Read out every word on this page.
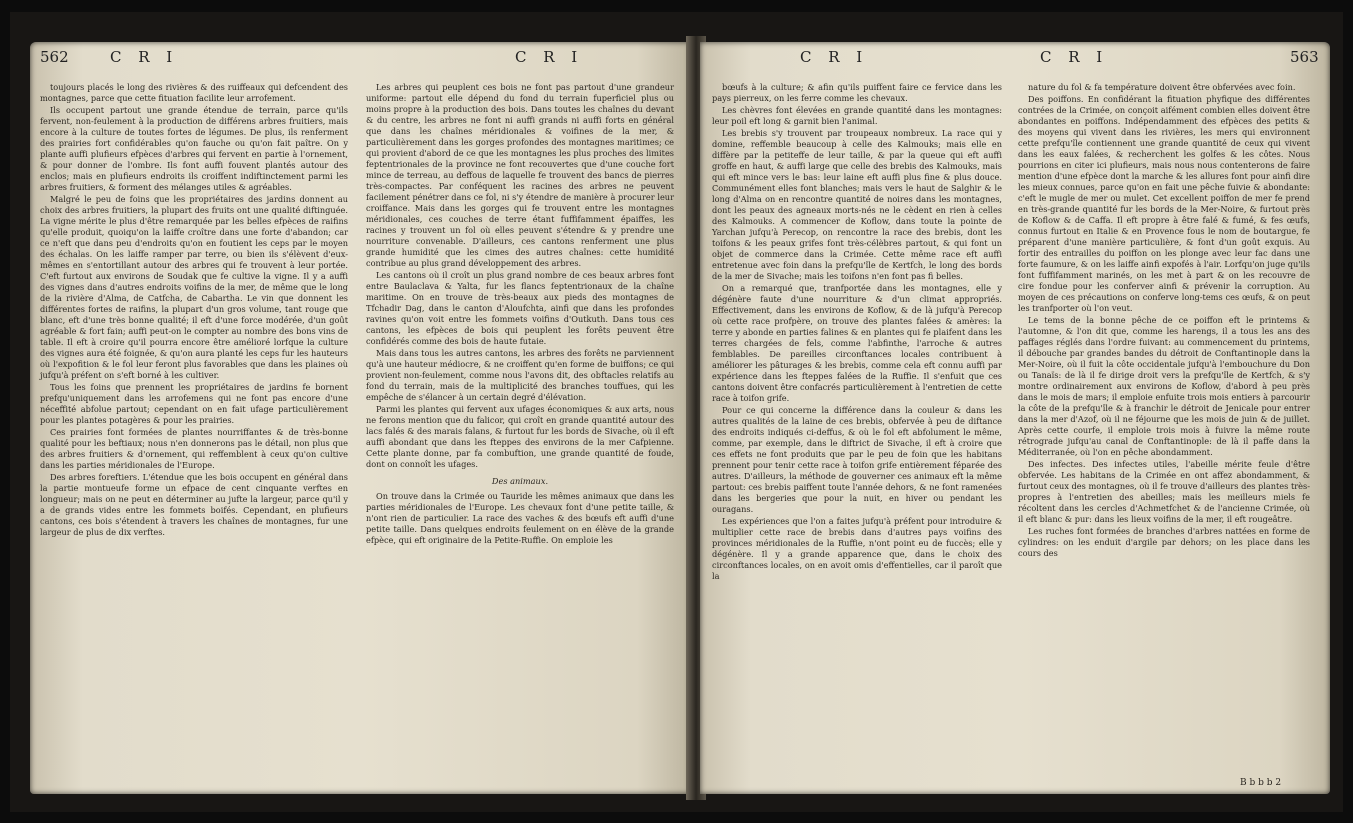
562	C R I	C R I

toujours placés le long des rivières & des ruiffeaux qui defcendent des montagnes, parce que cette fituation facilite leur arrofement.

Ils occupent partout une grande étendue de terrain, parce qu'ils fervent, non-feulement à la production de différens arbres fruitiers, mais encore à la culture de toutes fortes de légumes. De plus, ils renferment des prairies fort confidérables qu'on fauche ou qu'on fait paître. On y plante auffi plufieurs efpèces d'arbres qui fervent en partie à l'ornement, & pour donner de l'ombre. Ils font auffi fouvent plantés autour des enclos; mais en plufieurs endroits ils croiffent indiftinctement parmi les arbres fruitiers, & forment des mélanges utiles & agréables.

Malgré le peu de foins que les propriétaires des jardins donnent au choix des arbres fruitiers, la plupart des fruits ont une qualité diftinguée. La vigne mérite le plus d'être remarquée par les belles efpèces de raifins qu'elle produit, quoiqu'on la laiffe croître dans une forte d'abandon; car ce n'eft que dans peu d'endroits qu'on en foutient les ceps par le moyen des échalas. On les laiffe ramper par terre, ou bien ils s'élèvent d'eux-mêmes en s'entortillant autour des arbres qui fe trouvent à leur portée. C'eft furtout aux environs de Soudak que fe cultive la vigne. Il y a auffi des vignes dans d'autres endroits voifins de la mer, de même que le long de la rivière d'Alma, de Catfcha, de Cabartha. Le vin que donnent les différentes fortes de raifins, la plupart d'un gros volume, tant rouge que blanc, eft d'une très bonne qualité; il eft d'une force modérée, d'un goût agréable & fort fain; auffi peut-on le compter au nombre des bons vins de table. Il eft à croire qu'il pourra encore être amélioré lorfque la culture des vignes aura été foignée, & qu'on aura planté les ceps fur les hauteurs où l'expofition & le fol leur feront plus favorables que dans les plaines où jufqu'à préfent on s'eft borné à les cultiver.

Tous les foins que prennent les propriétaires de jardins fe bornent prefqu'uniquement dans les arrofemens qui ne font pas encore d'une néceffité abfolue partout; cependant on en fait ufage particulièrement pour les plantes potagères & pour les prairies.

Ces prairies font formées de plantes nourriffantes & de très-bonne qualité pour les beftiaux; nous n'en donnerons pas le détail, non plus que des arbres fruitiers & d'ornement, qui reffemblent à ceux qu'on cultive dans les parties méridionales de l'Europe.

Des arbres foreftiers. L'étendue que les bois occupent en général dans la partie montueufe forme un efpace de cent cinquante verftes en longueur; mais on ne peut en déterminer au jufte la largeur, parce qu'il y a de grands vides entre les fommets boifés. Cependant, en plufieurs cantons, ces bois s'étendent à travers les chaînes de montagnes, fur une largeur de plus de dix verftes.

Les arbres qui peuplent ces bois ne font pas partout d'une grandeur uniforme: partout elle dépend du fond du terrain fuperficiel plus ou moins propre à la production des bois. Dans toutes les chaînes du devant & du centre, les arbres ne font ni auffi grands ni auffi forts en général que dans les chaînes méridionales & voifines de la mer, & particulièrement dans les gorges profondes des montagnes maritimes; ce qui provient d'abord de ce que les montagnes les plus proches des limites feptentrionales de la province ne font recouvertes que d'une couche fort mince de terreau, au deffous de laquelle fe trouvent des bancs de pierres très-compactes. Par conféquent les racines des arbres ne peuvent facilement pénétrer dans ce fol, ni s'y étendre de manière à procurer leur croiffance. Mais dans les gorges qui fe trouvent entre les montagnes méridionales, ces couches de terre étant fuffifamment épaiffes, les racines y trouvent un fol où elles peuvent s'étendre & y prendre une nourriture convenable. D'ailleurs, ces cantons renferment une plus grande humidité que les cimes des autres chaînes: cette humidité contribue au plus grand développement des arbres.

Les cantons où il croît un plus grand nombre de ces beaux arbres font entre Baulaclava & Yalta, fur les flancs feptentrionaux de la chaîne maritime. On en trouve de très-beaux aux pieds des montagnes de Tfchadir Dag, dans le canton d'Aloufchta, ainfi que dans les profondes ravines qu'on voit entre les fommets voifins d'Outkuth. Dans tous ces cantons, les efpèces de bois qui peuplent les forêts peuvent être confidérés comme des bois de haute futaie.

Mais dans tous les autres cantons, les arbres des forêts ne parviennent qu'à une hauteur médiocre, & ne croiffent qu'en forme de buiffons; ce qui provient non-feulement, comme nous l'avons dit, des obftacles relatifs au fond du terrain, mais de la multiplicité des branches touffues, qui les empêche de s'élancer à un certain degré d'élévation.

Parmi les plantes qui fervent aux ufages économiques & aux arts, nous ne ferons mention que du falicor, qui croît en grande quantité autour des lacs falés & des marais falans, & furtout fur les bords de Sivache, où il eft auffi abondant que dans les fteppes des environs de la mer Cafpienne. Cette plante donne, par fa combuftion, une grande quantité de foude, dont on connoît les ufages.

Des animaux.

On trouve dans la Crimée ou Tauride les mêmes animaux que dans les parties méridionales de l'Europe. Les chevaux font d'une petite taille, & n'ont rien de particulier. La race des vaches & des bœufs eft auffi d'une petite taille. Dans quelques endroits feulement on en élève de la grande efpèce, qui eft originaire de la Petite-Ruffie. On emploie les

C R I	C R I	563

bœufs à la culture; & afin qu'ils puiffent faire ce fervice dans les pays pierreux, on les ferre comme les chevaux.

Les chèvres font élevées en grande quantité dans les montagnes: leur poil eft long & garnit bien l'animal.

Les brebis s'y trouvent par troupeaux nombreux. La race qui y domine, reffemble beaucoup à celle des Kalmouks; mais elle en diffère par la petiteffe de leur taille, & par la queue qui eft auffi groffe en haut, & auffi large que celle des brebis des Kalmouks, mais qui eft mince vers le bas: leur laine eft auffi plus fine & plus douce. Communément elles font blanches; mais vers le haut de Salghir & le long d'Alma on en rencontre quantité de noires dans les montagnes, dont les peaux des agneaux morts-nés ne le cèdent en rien à celles des Kalmouks. A commencer de Koflow, dans toute la pointe de Yarchan jufqu'à Perecop, on rencontre la race des brebis, dont les toifons & les peaux grifes font très-célèbres partout, & qui font un objet de commerce dans la Crimée. Cette même race eft auffi entretenue avec foin dans la prefqu'île de Kertfch, le long des bords de la mer de Sivache; mais les toifons n'en font pas fi belles.

On a remarqué que, tranfportée dans les montagnes, elle y dégénère faute d'une nourriture & d'un climat appropriés. Effectivement, dans les environs de Koflow, & de là jufqu'à Perecop où cette race profpère, on trouve des plantes falées & amères: la terre y abonde en parties falines & en plantes qui fe plaifent dans les terres chargées de fels, comme l'abfinthe, l'arroche & autres femblables. De pareilles circonftances locales contribuent à améliorer les pâturages & les brebis, comme cela eft connu auffi par expérience dans les fteppes falées de la Ruffie. Il s'enfuit que ces cantons doivent être confacrés particulièrement à l'entretien de cette race à toifon grife.

Pour ce qui concerne la différence dans la couleur & dans les autres qualités de la laine de ces brebis, obfervée à peu de diftance des endroits indiqués ci-deffus, & où le fol eft abfolument le même, comme, par exemple, dans le diftrict de Sivache, il eft à croire que ces effets ne font produits que par le peu de foin que les habitans prennent pour tenir cette race à toifon grife entièrement féparée des autres. D'ailleurs, la méthode de gouverner ces animaux eft la même partout: ces brebis paiffent toute l'année dehors, & ne font ramenées dans les bergeries que pour la nuit, en hiver ou pendant les ouragans.

Les expériences que l'on a faites jufqu'à préfent pour introduire & multiplier cette race de brebis dans d'autres pays voifins des provinces méridionales de la Ruffie, n'ont point eu de fuccès; elle y dégénère. Il y a grande apparence que, dans le choix des circonftances locales, on en avoit omis d'effentielles, car il paroît que la

nature du fol & fa température doivent être obfervées avec foin.

Des poiffons. En confidérant la fituation phyfique des différentes contrées de la Crimée, on conçoit aifément combien elles doivent être abondantes en poiffons. Indépendamment des efpèces des petits & des moyens qui vivent dans les rivières, les mers qui environnent cette prefqu'île contiennent une grande quantité de ceux qui vivent dans les eaux falées, & recherchent les golfes & les côtes. Nous pourrions en citer ici plufieurs, mais nous nous contenterons de faire mention d'une efpèce dont la marche & les allures font pour ainfi dire les mieux connues, parce qu'on en fait une pêche fuivie & abondante: c'eft le mugle de mer ou mulet. Cet excellent poiffon de mer fe prend en très-grande quantité fur les bords de la Mer-Noire, & furtout près de Koflow & de Caffa. Il eft propre à être falé & fumé, & fes œufs, connus furtout en Italie & en Provence fous le nom de boutargue, fe préparent d'une manière particulière, & font d'un goût exquis. Au fortir des entrailles du poiffon on les plonge avec leur fac dans une forte faumure, & on les laiffe ainfi expofés à l'air. Lorfqu'on juge qu'ils font fuffifamment marinés, on les met à part & on les recouvre de cire fondue pour les conferver ainfi & prévenir la corruption. Au moyen de ces précautions on conferve long-tems ces œufs, & on peut les tranfporter où l'on veut.

Le tems de la bonne pêche de ce poiffon eft le printems & l'automne, & l'on dit que, comme les harengs, il a tous les ans des paffages réglés dans l'ordre fuivant: au commencement du printems, il débouche par grandes bandes du détroit de Conftantinople dans la Mer-Noire, où il fuit la côte occidentale jufqu'à l'embouchure du Don ou Tanaïs: de là il fe dirige droit vers la prefqu'île de Kertfch, & s'y montre ordinairement aux environs de Koflow, d'abord à peu près dans le mois de mars; il emploie enfuite trois mois entiers à parcourir la côte de la prefqu'île & à franchir le détroit de Jenicale pour entrer dans la mer d'Azof, où il ne féjourne que les mois de juin & de juillet. Après cette courfe, il emploie trois mois à fuivre la même route rétrograde jufqu'au canal de Conftantinople: de là il paffe dans la Méditerranée, où l'on en pêche abondamment.

Des infectes. Des infectes utiles, l'abeille mérite feule d'être obfervée. Les habitans de la Crimée en ont affez abondamment, & furtout ceux des montagnes, où il fe trouve d'ailleurs des plantes très-propres à l'entretien des abeilles; mais les meilleurs miels fe récoltent dans les cercles d'Achmetfchet & de l'ancienne Crimée, où il eft blanc & pur: dans les lieux voifins de la mer, il eft rougeâtre.

Les ruches font formées de branches d'arbres nattées en forme de cylindres: on les enduit d'argile par dehors; on les place dans les cours des

B b b b 2
